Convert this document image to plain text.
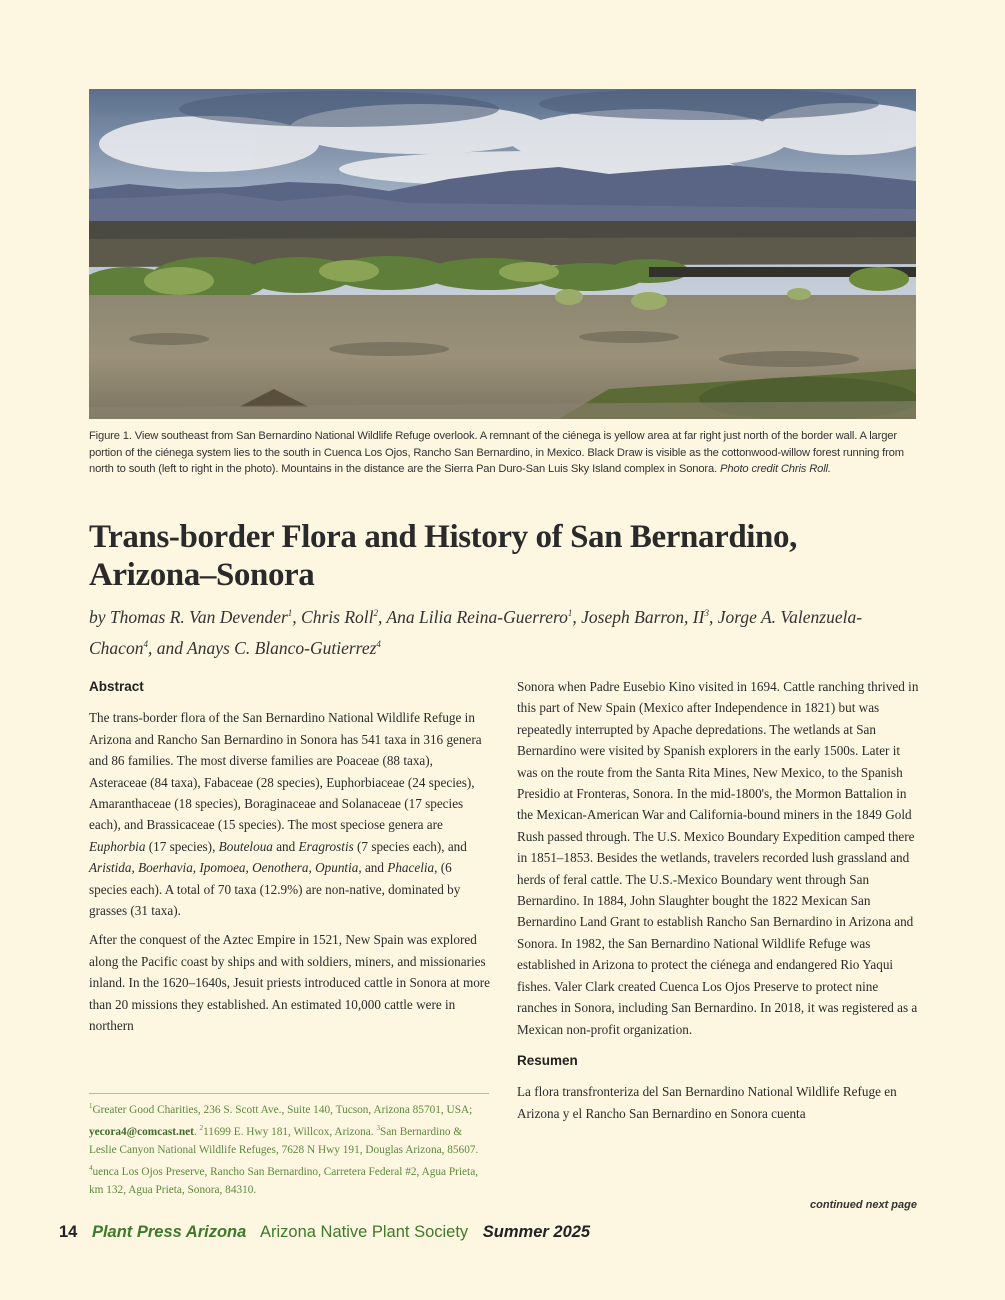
Figure 1. View southeast from San Bernardino National Wildlife Refuge overlook. A remnant of the ciénega is yellow area at far right just north of the border wall. A larger portion of the ciénega system lies to the south in Cuenca Los Ojos, Rancho San Bernardino, in Mexico. Black Draw is visible as the cottonwood-willow forest running from north to south (left to right in the photo). Mountains in the distance are the Sierra Pan Duro-San Luis Sky Island complex in Sonora. Photo credit Chris Roll.
Trans-border Flora and History of San Bernardino, Arizona–Sonora
by Thomas R. Van Devender$^1$, Chris Roll$^2$, Ana Lilia Reina-Guerrero$^1$, Joseph Barron, $II^3$, Jorge A. Valenzuela-Chacon$^4$, and Anays C. Blanco-Gutierrez$^4$
Abstract

The trans-border flora of the San Bernardino National Wildlife Refuge in Arizona and Rancho San Bernardino in Sonora has 541 taxa in 316 genera and 86 families. The most diverse families are Poaceae (88 taxa), Asteraceae (84 taxa), Fabaceae (28 species), Euphorbiaceae (24 species), Amaranthaceae (18 species), Boraginaceae and Solanaceae (17 species each), and Brassicaceae (15 species). The most speciose genera are Euphorbia (17 species), Bouteloua and Eragrostis (7 species each), and Aristida, Boerhavia, Ipomoea, Oenothera, Opuntia, and Phacelia, (6 species each). A total of 70 taxa (12.9%) are non-native, dominated by grasses (31 taxa).

After the conquest of the Aztec Empire in 1521, New Spain was explored along the Pacific coast by ships and with soldiers, miners, and missionaries inland. In the 1620–1640s, Jesuit priests introduced cattle in Sonora at more than 20 missions they established. An estimated 10,000 cattle were in northern

Sonora when Padre Eusebio Kino visited in 1694. Cattle ranching thrived in this part of New Spain (Mexico after Independence in 1821) but was repeatedly interrupted by Apache depredations. The wetlands at San Bernardino were visited by Spanish explorers in the early 1500s. Later it was on the route from the Santa Rita Mines, New Mexico, to the Spanish Presidio at Fronteras, Sonora. In the mid-1800's, the Mormon Battalion in the Mexican-American War and California-bound miners in the 1849 Gold Rush passed through. The U.S. Mexico Boundary Expedition camped there in 1851–1853. Besides the wetlands, travelers recorded lush grassland and herds of feral cattle. The U.S.-Mexico Boundary went through San Bernardino. In 1884, John Slaughter bought the 1822 Mexican San Bernardino Land Grant to establish Rancho San Bernardino in Arizona and Sonora. In 1982, the San Bernardino National Wildlife Refuge was established in Arizona to protect the ciénega and endangered Rio Yaqui fishes. Valer Clark created Cuenca Los Ojos Preserve to protect nine ranches in Sonora, including San Bernardino. In 2018, it was registered as a Mexican non-profit organization.

Resumen

La flora transfronteriza del San Bernardino National Wildlife Refuge en Arizona y el Rancho San Bernardino en Sonora cuenta

$^1$Greater Good Charities, 236 S. Scott Ave., Suite 140, Tucson, Arizona 85701, USA; yecora4@comcast.net. $^2$11699 E. Hwy 181, Willcox, Arizona. $^3$San Bernardino & Leslie Canyon National Wildlife Refuges, 7628 N Hwy 191, Douglas Arizona, 85607. $^4$uenca Los Ojos Preserve, Rancho San Bernardino, Carretera Federal #2, Agua Prieta, km 132, Agua Prieta, Sonora, 84310.
continued next page
14 Plant Press Arizona Arizona Native Plant Society Summer 2025
